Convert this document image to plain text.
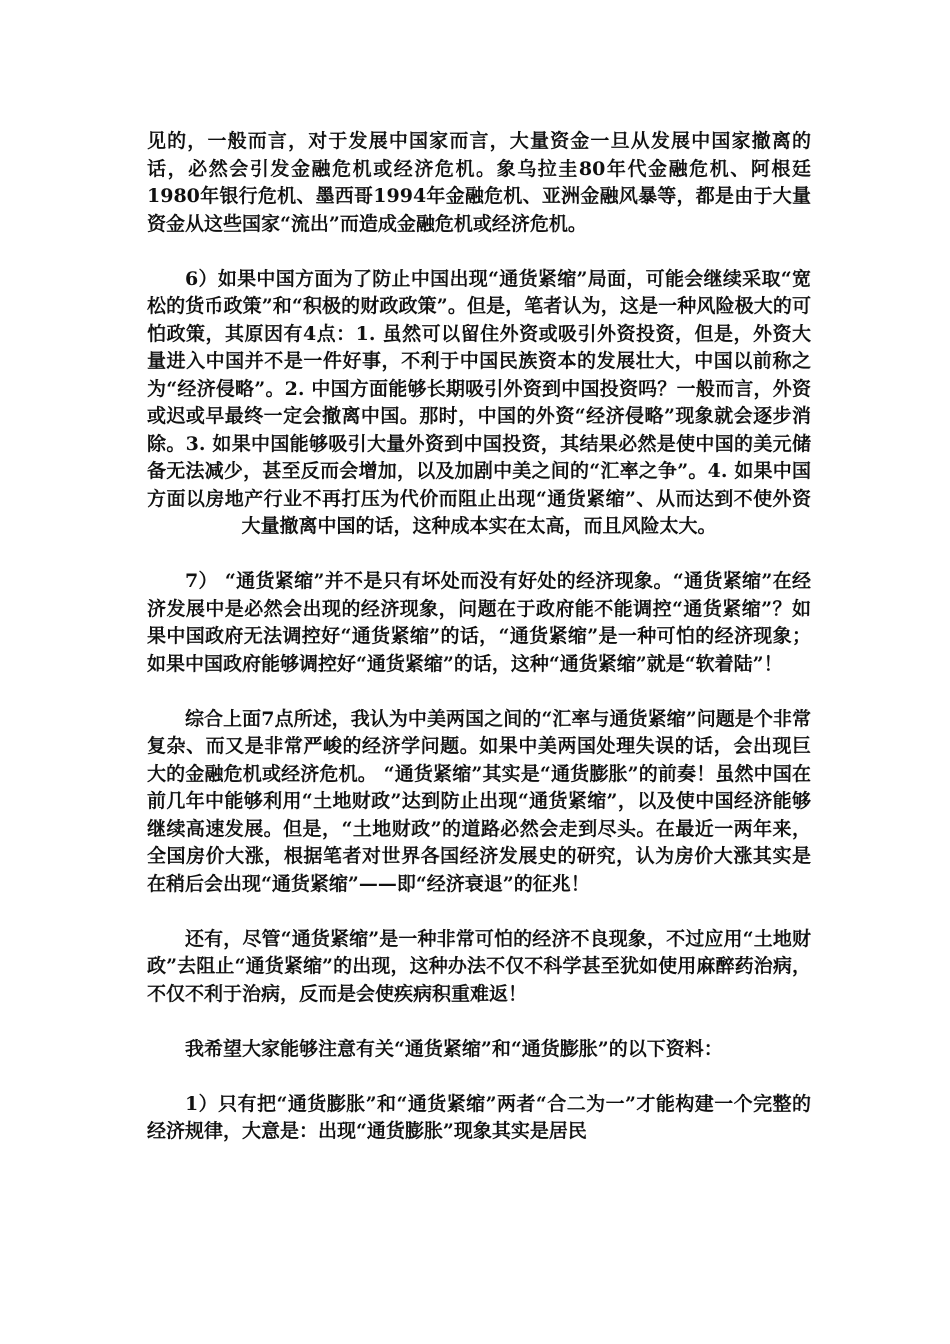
见的，一般而言，对于发展中国家而言，大量资金一旦从发展中国家撤离的话，必然会引发金融危机或经济危机。象乌拉圭80年代金融危机、阿根廷1980年银行危机、墨西哥1994年金融危机、亚洲金融风暴等，都是由于大量资金从这些国家“流出”而造成金融危机或经济危机。

6）如果中国方面为了防止中国出现“通货紧缩”局面，可能会继续采取“宽松的货币政策”和“积极的财政政策”。但是，笔者认为，这是一种风险极大的可怕政策，其原因有4点：1. 虽然可以留住外资或吸引外资投资，但是，外资大量进入中国并不是一件好事，不利于中国民族资本的发展壮大，中国以前称之为“经济侵略”。2. 中国方面能够长期吸引外资到中国投资吗？一般而言，外资或迟或早最终一定会撤离中国。那时，中国的外资“经济侵略”现象就会逐步消除。3. 如果中国能够吸引大量外资到中国投资，其结果必然是使中国的美元储备无法减少，甚至反而会增加，以及加剧中美之间的“汇率之争”。4. 如果中国方面以房地产行业不再打压为代价而阻止出现“通货紧缩”、从而达到不使外资大量撤离中国的话，这种成本实在太高，而且风险太大。

7） “通货紧缩”并不是只有坏处而没有好处的经济现象。“通货紧缩”在经济发展中是必然会出现的经济现象，问题在于政府能不能调控“通货紧缩”？如果中国政府无法调控好“通货紧缩”的话，“通货紧缩”是一种可怕的经济现象；如果中国政府能够调控好“通货紧缩”的话，这种“通货紧缩”就是“软着陆”！

综合上面7点所述，我认为中美两国之间的“汇率与通货紧缩”问题是个非常复杂、而又是非常严峻的经济学问题。如果中美两国处理失误的话，会出现巨大的金融危机或经济危机。 “通货紧缩”其实是“通货膨胀”的前奏！虽然中国在前几年中能够利用“土地财政”达到防止出现“通货紧缩”，以及使中国经济能够继续高速发展。但是，“土地财政”的道路必然会走到尽头。在最近一两年来，全国房价大涨，根据笔者对世界各国经济发展史的研究，认为房价大涨其实是在稍后会出现“通货紧缩”——即“经济衰退”的征兆！

还有，尽管“通货紧缩”是一种非常可怕的经济不良现象，不过应用“土地财政”去阻止“通货紧缩”的出现，这种办法不仅不科学甚至犹如使用麻醉药治病，不仅不利于治病，反而是会使疾病积重难返！

我希望大家能够注意有关“通货紧缩”和“通货膨胀”的以下资料：

1）只有把“通货膨胀”和“通货紧缩”两者“合二为一”才能构建一个完整的经济规律，大意是：出现“通货膨胀”现象其实是居民
